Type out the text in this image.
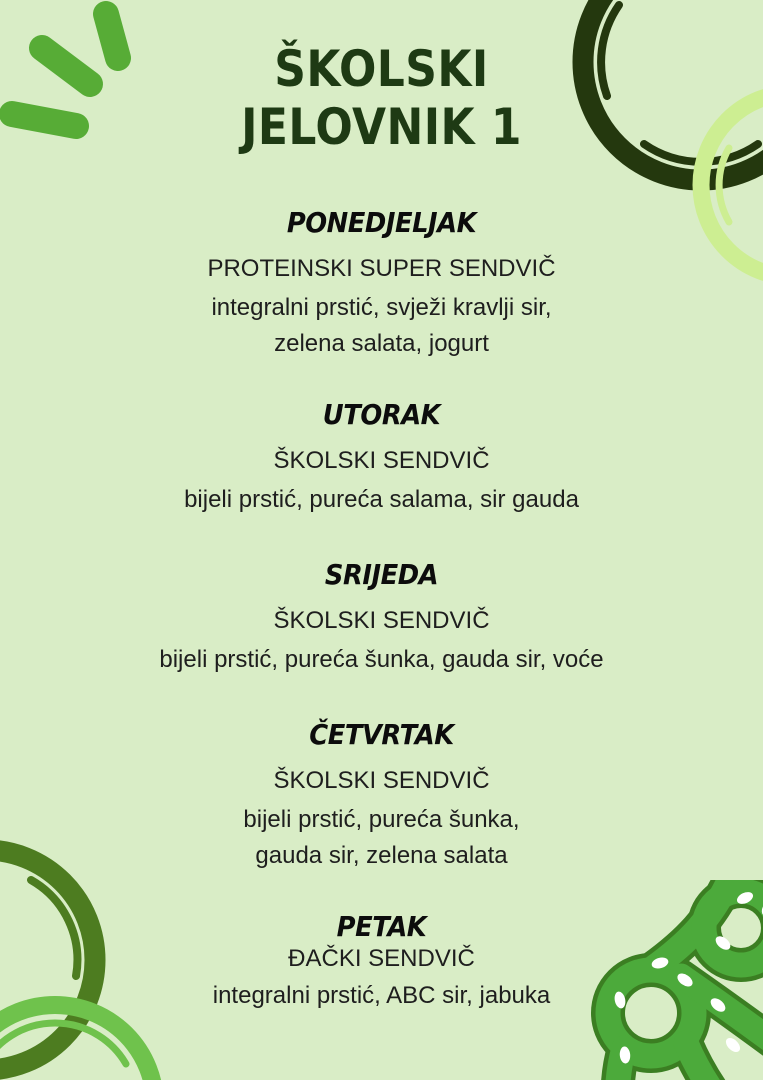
ŠKOLSKI
JELOVNIK 1
PONEDJELJAK
PROTEINSKI SUPER SENDVIČ
integralni prstić, svježi kravlji sir,
zelena salata, jogurt
UTORAK
ŠKOLSKI SENDVIČ
bijeli prstić, pureća salama, sir gauda
SRIJEDA
ŠKOLSKI SENDVIČ
bijeli prstić, pureća šunka, gauda sir, voće
ČETVRTAK
ŠKOLSKI SENDVIČ
bijeli prstić, pureća šunka,
gauda sir, zelena salata
PETAK
ĐAČKI SENDVIČ
integralni prstić, ABC sir, jabuka
